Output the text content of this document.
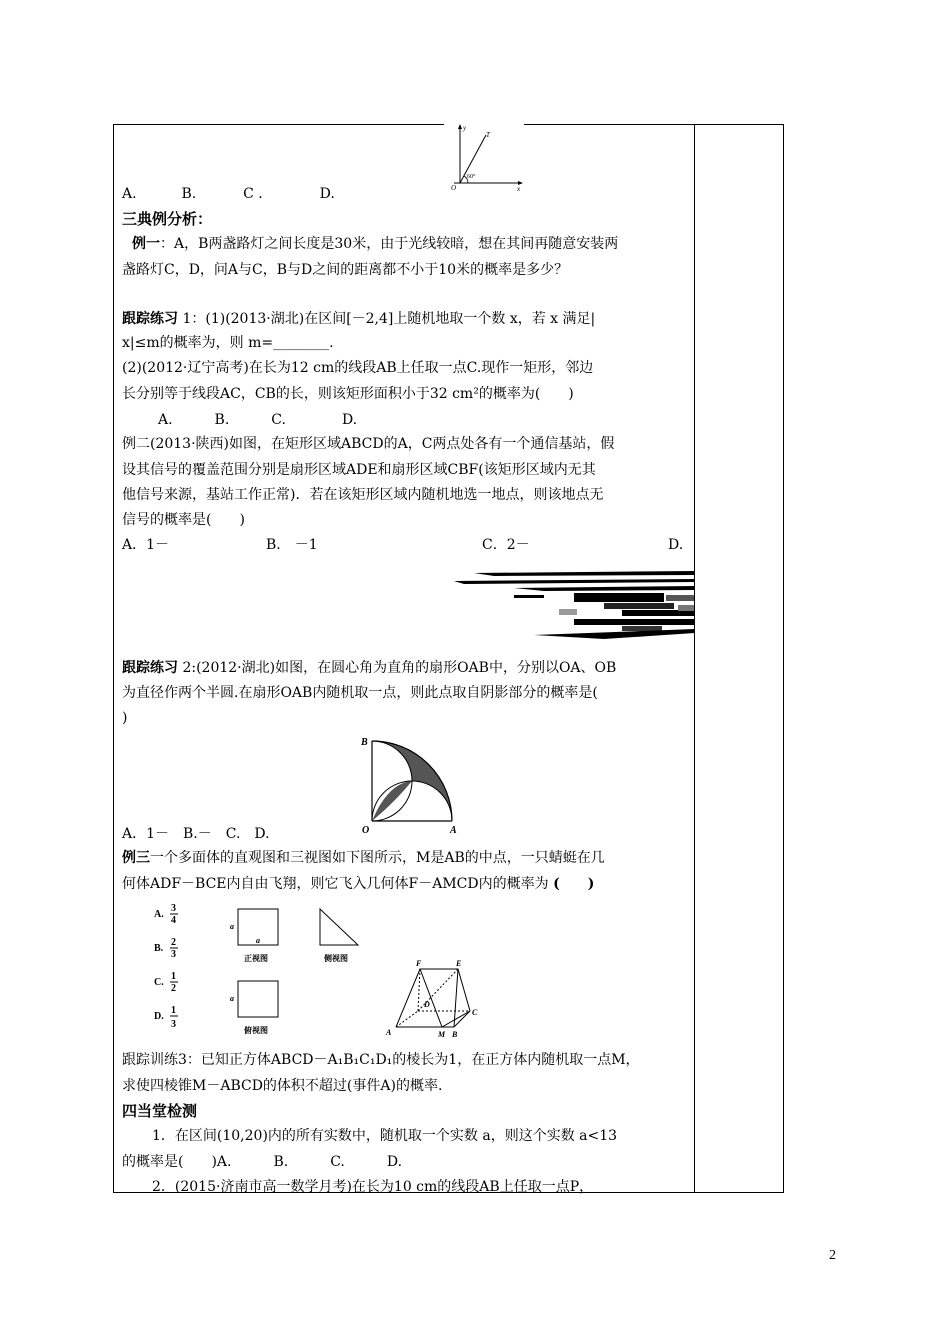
y
T
O	x
60°
A.	B.	C .	D.
三典例分析：
例一：A，B两盏路灯之间长度是30米，由于光线较暗，想在其间再随意安装两
盏路灯C，D，问A与C，B与D之间的距离都不小于10米的概率是多少？
跟踪练习 1：(1)(2013·湖北)在区间[－2,4]上随机地取一个数 x，若 x 满足|
x|≤m的概率为，则 m=________.
(2)(2012·辽宁高考)在长为12 cm的线段AB上任取一点C.现作一矩形，邻边
长分别等于线段AC，CB的长，则该矩形面积小于32 cm²的概率为(　　)
A.　　　B.　　　C.　　　　D.
例二(2013·陕西)如图，在矩形区域ABCD的A，C两点处各有一个通信基站，假
设其信号的覆盖范围分别是扇形区域ADE和扇形区域CBF(该矩形区域内无其
他信号来源，基站工作正常)．若在该矩形区域内随机地选一地点，则该地点无
信号的概率是(　　)
A．1－	B.　－1	C．2－	D.
跟踪练习 2:(2012·湖北)如图，在圆心角为直角的扇形OAB中，分别以OA、OB
为直径作两个半圆.在扇形OAB内随机取一点，则此点取自阴影部分的概率是(
)
B
O	A
A．1－　B.－　C.　D.
例三一个多面体的直观图和三视图如下图所示，M是AB的中点，一只蜻蜓在几
何体ADF－BCE内自由飞翔，则它飞入几何体F－AMCD内的概率为 (　　)
A.
3
4
B.
2
3
C.
1
2
D.
1
3
a
a
正视图	侧视图
a
俯视图
F	E
D
C
A	M B
跟踪训练3：已知正方体ABCD－A₁B₁C₁D₁的棱长为1，在正方体内随机取一点M，
求使四棱锥M－ABCD的体积不超过(事件A)的概率.
四当堂检测
1．在区间(10,20)内的所有实数中，随机取一个实数 a，则这个实数 a<13
的概率是(　　)A.　　　B.　　　C.　　　D.
2．(2015·济南市高一数学月考)在长为10 cm的线段AB上任取一点P，
2
